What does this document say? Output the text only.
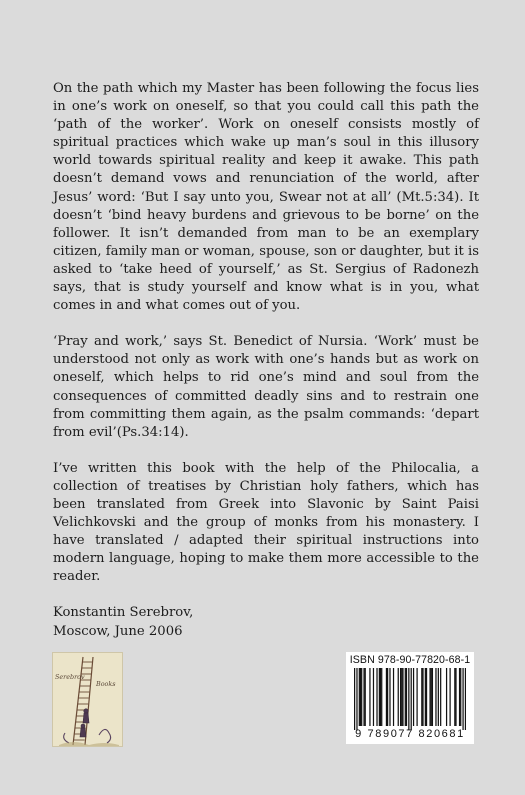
On the path which my Master has been following the focus lies in one’s work on oneself, so that you could call this path the ‘path of the worker’. Work on oneself consists mostly of spiritual practices which wake up man’s soul in this illusory world towards spiritual reality and keep it awake. This path doesn’t demand vows and renunciation of the world, after Jesus’ word: ‘But I say unto you, Swear not at all’ (Mt.5:34). It doesn’t ‘bind heavy burdens and grievous to be borne’ on the follower. It isn’t demanded from man to be an exemplary citizen, family man or woman, spouse, son or daughter, but it is asked to ‘take heed of yourself,’ as St. Sergius of Radonezh says, that is study yourself and know what is in you, what comes in and what comes out of you.

‘Pray and work,’ says St. Benedict of Nursia. ‘Work’ must be understood not only as work with one’s hands but as work on oneself, which helps to rid one’s mind and soul from the consequences of committed deadly sins and to restrain one from committing them again, as the psalm commands: ‘depart from evil’(Ps.34:14).

I’ve written this book with the help of the Philocalia, a collection of treatises by Christian holy fathers, which has been translated from Greek into Slavonic by Saint Paisi Velichkovski and the group of monks from his monastery. I have translated / adapted their spiritual instructions into modern language, hoping to make them more accessible to the reader.

Konstantin Serebrov,
Moscow, June 2006

Serebrov
Books
ISBN 978-90-77820-68-1
9 789077 820681
